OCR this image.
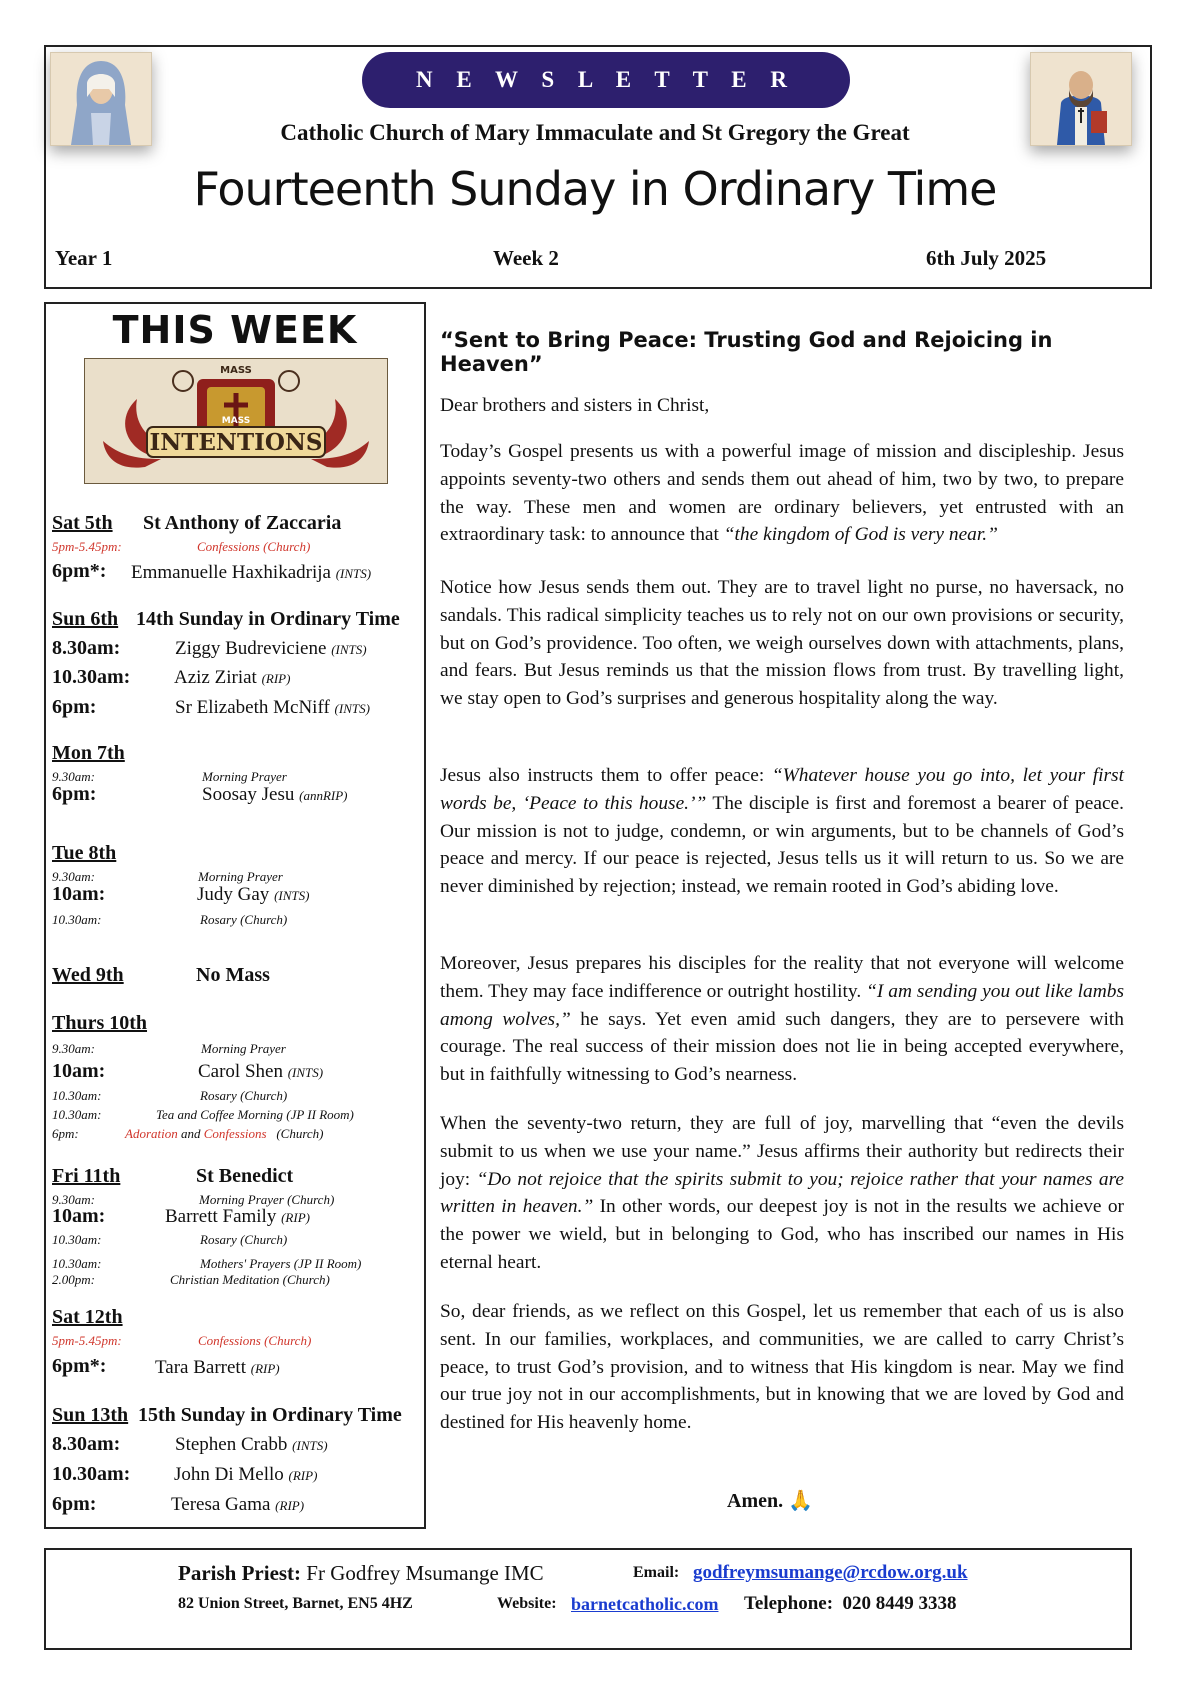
N E W S L E T T E R
Catholic Church of Mary Immaculate and St Gregory the Great
Fourteenth Sunday in Ordinary Time
Year 1	Week 2	6th July 2025
THIS WEEK
MASS
MASS
INTENTIONS
Sat 5th St Anthony of Zaccaria
5pm-5.45pm:	Confessions (Church)
6pm*: Emmanuelle Haxhikadrija (INTS)
Sun 6th 14th Sunday in Ordinary Time
8.30am:	Ziggy Budreviciene (INTS)
10.30am: Aziz Ziriat (RIP)
6pm:	Sr Elizabeth McNiff (INTS)
Mon 7th
9.30am:	Morning Prayer
6pm:	Soosay Jesu (annRIP)
Tue 8th
9.30am:	Morning Prayer
10am:	Judy Gay (INTS)
10.30am:	Rosary (Church)
Wed 9th	No Mass
Thurs 10th
9.30am:	Morning Prayer
10am:	Carol Shen (INTS)
10.30am:	Rosary (Church)
10.30am:	Tea and Coffee Morning (JP II Room)
6pm:	Adoration and Confessions (Church)
Fri 11th	St Benedict
9.30am:	Morning Prayer (Church)
10am:	Barrett Family (RIP)
10.30am:	Rosary (Church)
10.30am:	Mothers' Prayers (JP II Room)
2.00pm:	Christian Meditation (Church)
Sat 12th
5pm-5.45pm:	Confessions (Church)
6pm*:	Tara Barrett (RIP)
Sun 13th 15th Sunday in Ordinary Time
8.30am:	Stephen Crabb (INTS)
10.30am: John Di Mello (RIP)
6pm:	Teresa Gama (RIP)
“Sent to Bring Peace: Trusting God and Rejoicing in Heaven”
Dear brothers and sisters in Christ,
Today’s Gospel presents us with a powerful image of mission and discipleship. Jesus appoints seventy-two others and sends them out ahead of him, two by two, to prepare the way. These men and women are ordinary believers, yet entrusted with an extraordinary task: to announce that “the kingdom of God is very near.”
Notice how Jesus sends them out. They are to travel light no purse, no haversack, no sandals. This radical simplicity teaches us to rely not on our own provisions or security, but on God’s providence. Too often, we weigh ourselves down with attachments, plans, and fears. But Jesus reminds us that the mission flows from trust. By travelling light, we stay open to God’s surprises and generous hospitality along the way.
Jesus also instructs them to offer peace: “Whatever house you go into, let your first words be, ‘Peace to this house.’” The disciple is first and foremost a bearer of peace. Our mission is not to judge, condemn, or win arguments, but to be channels of God’s peace and mercy. If our peace is rejected, Jesus tells us it will return to us. So we are never diminished by rejection; instead, we remain rooted in God’s abiding love.
Moreover, Jesus prepares his disciples for the reality that not everyone will welcome them. They may face indifference or outright hostility. “I am sending you out like lambs among wolves,” he says. Yet even amid such dangers, they are to persevere with courage. The real success of their mission does not lie in being accepted everywhere, but in faithfully witnessing to God’s nearness.
When the seventy-two return, they are full of joy, marvelling that “even the devils submit to us when we use your name.” Jesus affirms their authority but redirects their joy: “Do not rejoice that the spirits submit to you; rejoice rather that your names are written in heaven.” In other words, our deepest joy is not in the results we achieve or the power we wield, but in belonging to God, who has inscribed our names in His eternal heart.
So, dear friends, as we reflect on this Gospel, let us remember that each of us is also sent. In our families, workplaces, and communities, we are called to carry Christ’s peace, to trust God’s provision, and to witness that His kingdom is near. May we find our true joy not in our accomplishments, but in knowing that we are loved by God and destined for His heavenly home.
Amen. 🙏
Parish Priest: Fr Godfrey Msumange IMC	Email: godfreymsumange@rcdow.org.uk
82 Union Street, Barnet, EN5 4HZ	Website: barnetcatholic.com Telephone: 020 8449 3338
